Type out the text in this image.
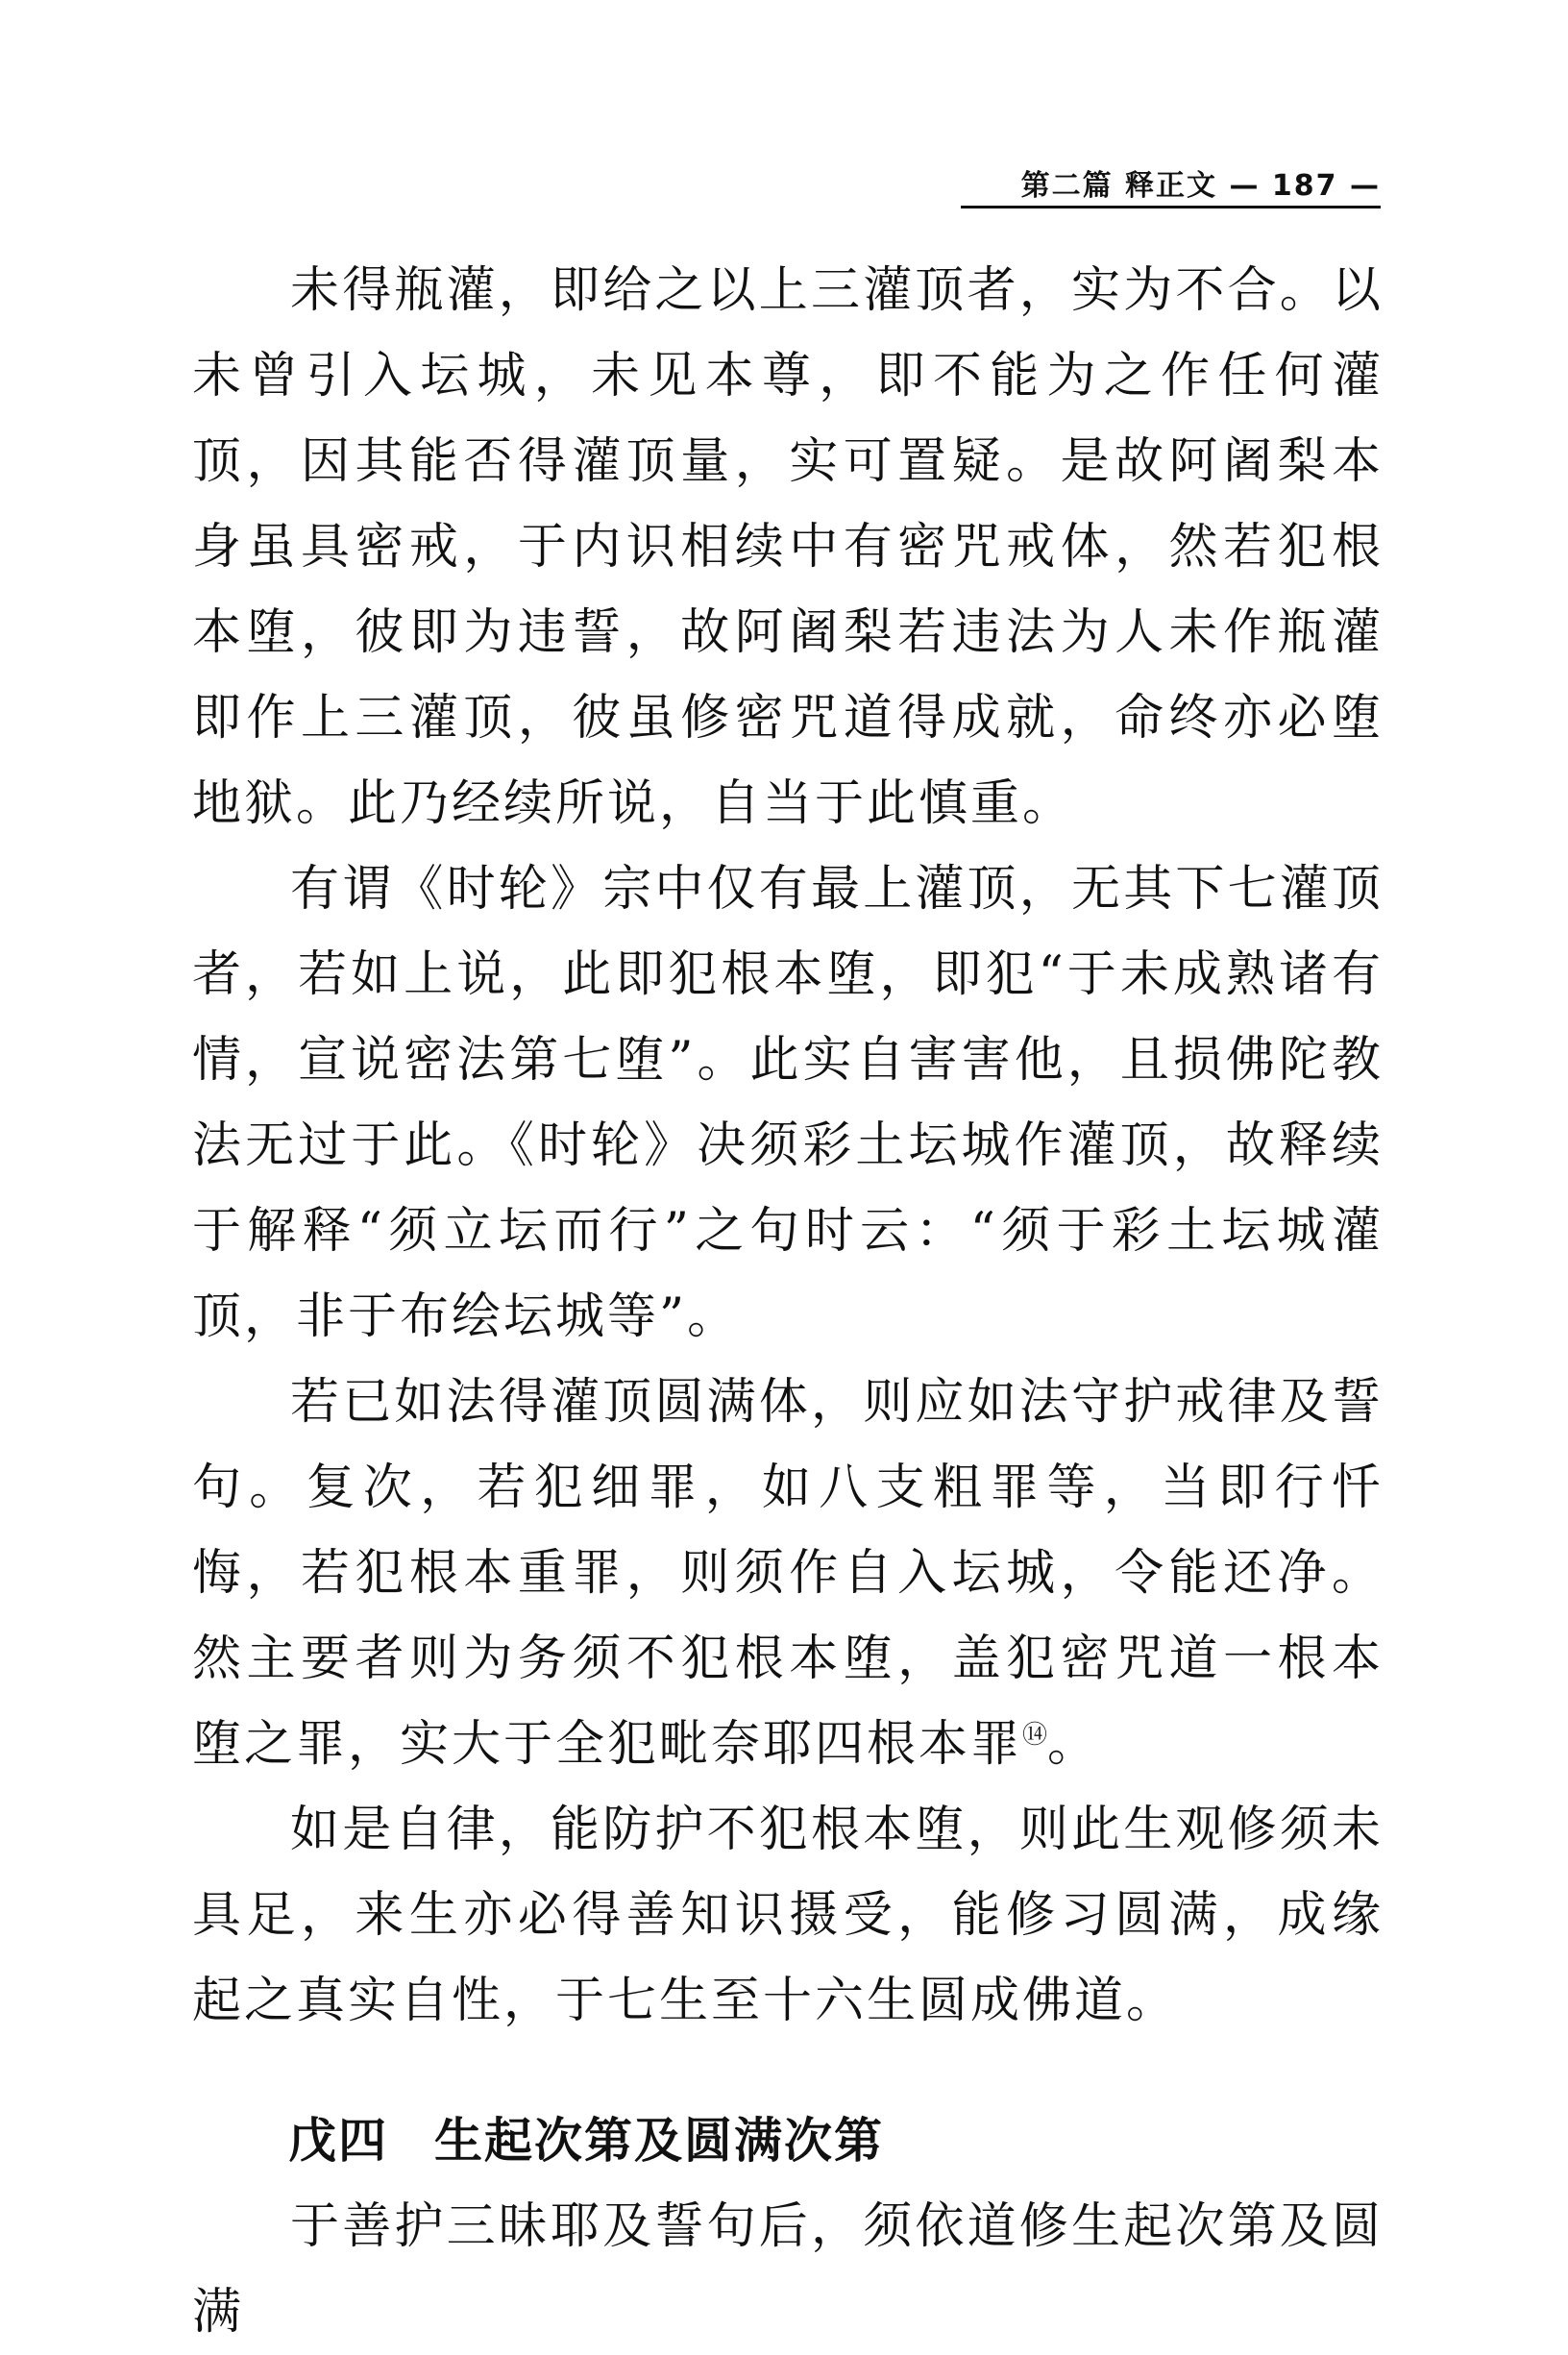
第二篇 释正文 — 187 —

未得瓶灌，即给之以上三灌顶者，实为不合。以未曾引入坛城，未见本尊，即不能为之作任何灌顶，因其能否得灌顶量，实可置疑。是故阿阇梨本身虽具密戒，于内识相续中有密咒戒体，然若犯根本堕，彼即为违誓，故阿阇梨若违法为人未作瓶灌即作上三灌顶，彼虽修密咒道得成就，命终亦必堕地狱。此乃经续所说，自当于此慎重。

有谓《时轮》宗中仅有最上灌顶，无其下七灌顶者，若如上说，此即犯根本堕，即犯“于未成熟诸有情，宣说密法第七堕”。此实自害害他，且损佛陀教法无过于此。《时轮》决须彩土坛城作灌顶，故释续于解释“须立坛而行”之句时云：“须于彩土坛城灌顶，非于布绘坛城等”。

若已如法得灌顶圆满体，则应如法守护戒律及誓句。复次，若犯细罪，如八支粗罪等，当即行忏悔，若犯根本重罪，则须作自入坛城，令能还净。然主要者则为务须不犯根本堕，盖犯密咒道一根本堕之罪，实大于全犯毗奈耶四根本罪⑭。

如是自律，能防护不犯根本堕，则此生观修须未具足，来生亦必得善知识摄受，能修习圆满，成缘起之真实自性，于七生至十六生圆成佛道。

戊四 生起次第及圆满次第

于善护三昧耶及誓句后，须依道修生起次第及圆满
